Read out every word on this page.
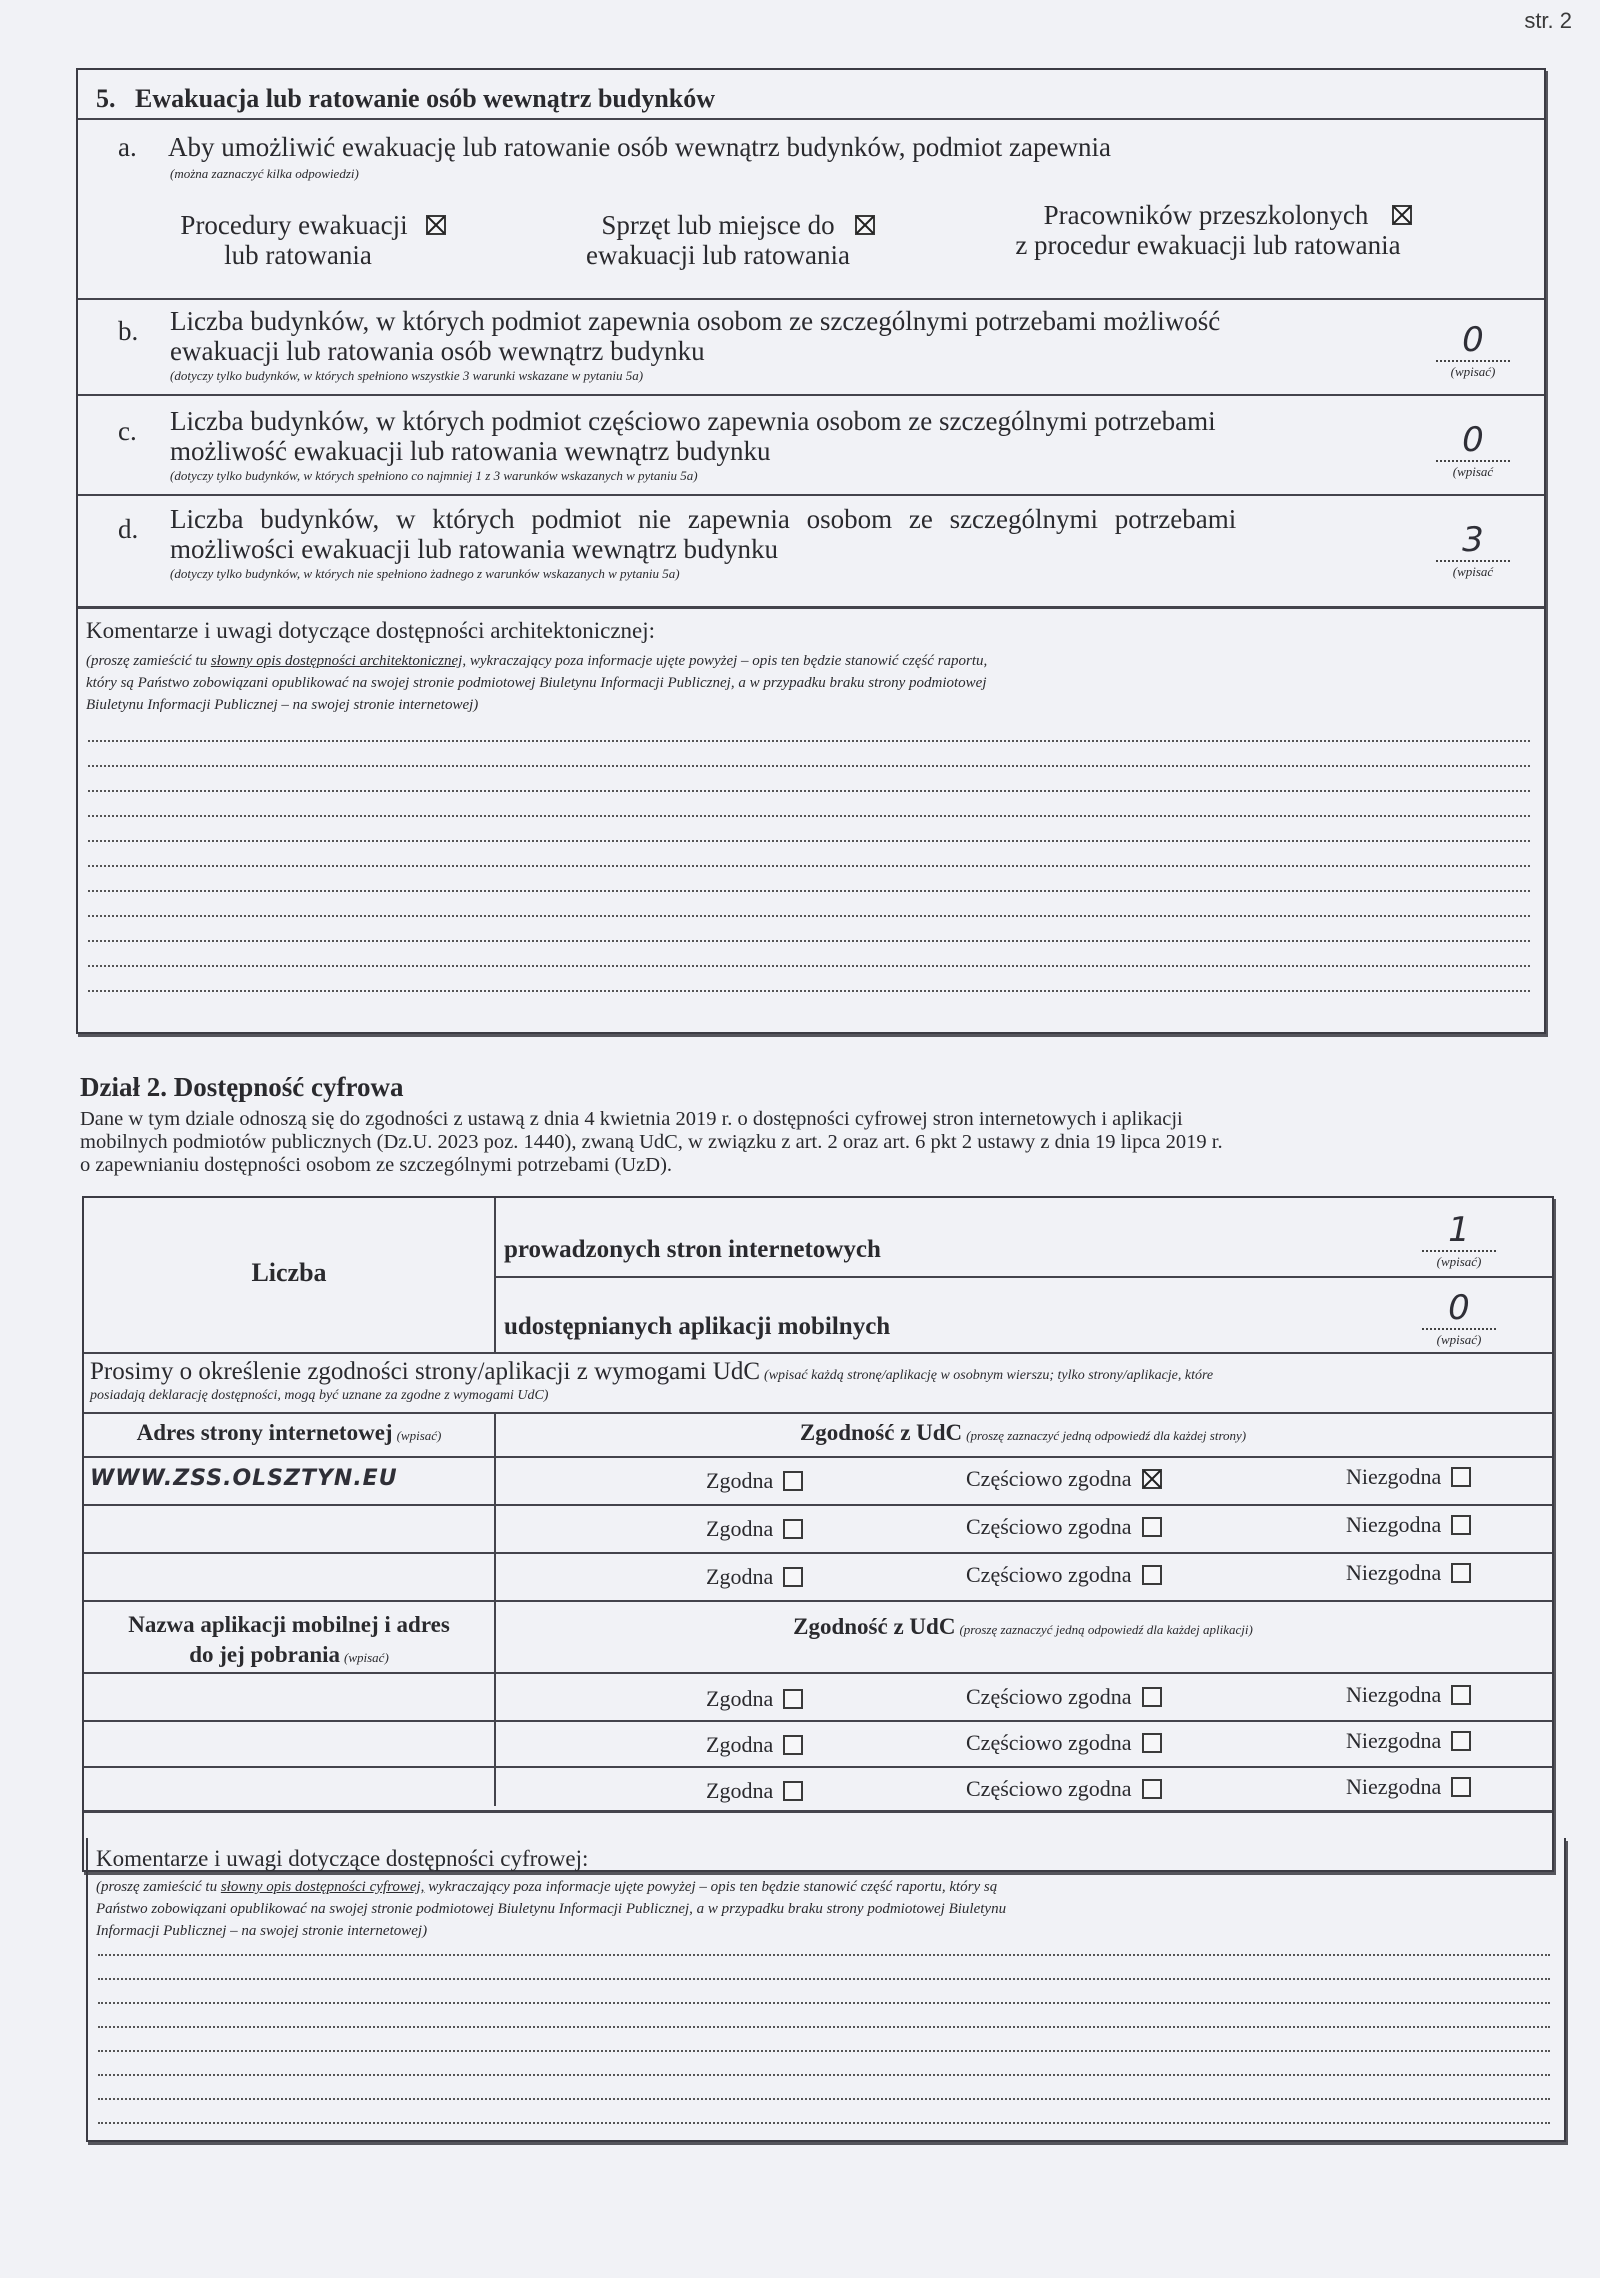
str. 2
5.   Ewakuacja lub ratowanie osób wewnątrz budynków
a. Aby umożliwić ewakuację lub ratowanie osób wewnątrz budynków, podmiot zapewnia
(można zaznaczyć kilka odpowiedzi)
Procedury ewakuacji
lub ratowania
Sprzęt lub miejsce do
ewakuacji lub ratowania
Pracowników przeszkolonych
z procedur ewakuacji lub ratowania
b. Liczba budynków, w których podmiot zapewnia osobom ze szczególnymi potrzebami możliwość
ewakuacji lub ratowania osób wewnątrz budynku
(dotyczy tylko budynków, w których spełniono wszystkie 3 warunki wskazane w pytaniu 5a)
0
(wpisać)
c. Liczba budynków, w których podmiot częściowo zapewnia osobom ze szczególnymi potrzebami
możliwość ewakuacji lub ratowania wewnątrz budynku
(dotyczy tylko budynków, w których spełniono co najmniej 1 z 3 warunków wskazanych w pytaniu 5a)
0
(wpisać
d. Liczba budynków, w których podmiot nie zapewnia osobom ze szczególnymi potrzebami
możliwości ewakuacji lub ratowania wewnątrz budynku
(dotyczy tylko budynków, w których nie spełniono żadnego z warunków wskazanych w pytaniu 5a)
3
(wpisać
Komentarze i uwagi dotyczące dostępności architektonicznej:
(proszę zamieścić tu słowny opis dostępności architektonicznej, wykraczający poza informacje ujęte powyżej – opis ten będzie stanowić część raportu,
który są Państwo zobowiązani opublikować na swojej stronie podmiotowej Biuletynu Informacji Publicznej, a w przypadku braku strony podmiotowej
Biuletynu Informacji Publicznej – na swojej stronie internetowej)
Dział 2. Dostępność cyfrowa
Dane w tym dziale odnoszą się do zgodności z ustawą z dnia 4 kwietnia 2019 r. o dostępności cyfrowej stron internetowych i aplikacji
mobilnych podmiotów publicznych (Dz.U. 2023 poz. 1440), zwaną UdC, w związku z art. 2 oraz art. 6 pkt 2 ustawy z dnia 19 lipca 2019 r.
o zapewnianiu dostępności osobom ze szczególnymi potrzebami (UzD).
Liczba
prowadzonych stron internetowych	1
(wpisać)
udostępnianych aplikacji mobilnych	0
(wpisać)
Prosimy o określenie zgodności strony/aplikacji z wymogami UdC (wpisać każdą stronę/aplikację w osobnym wierszu; tylko strony/aplikacje, które
posiadają deklarację dostępności, mogą być uznane za zgodne z wymogami UdC)
Adres strony internetowej (wpisać)	Zgodność z UdC (proszę zaznaczyć jedną odpowiedź dla każdej strony)
WWW.ZSS.OLSZTYN.EU	Zgodna	Częściowo zgodna	Niezgodna
Zgodna	Częściowo zgodna	Niezgodna
Zgodna	Częściowo zgodna	Niezgodna
Nazwa aplikacji mobilnej i adres
do jej pobrania (wpisać)
Zgodność z UdC (proszę zaznaczyć jedną odpowiedź dla każdej aplikacji)
Zgodna	Częściowo zgodna	Niezgodna
Zgodna	Częściowo zgodna	Niezgodna
Zgodna	Częściowo zgodna	Niezgodna
Komentarze i uwagi dotyczące dostępności cyfrowej:
(proszę zamieścić tu słowny opis dostępności cyfrowej, wykraczający poza informacje ujęte powyżej – opis ten będzie stanowić część raportu, który są
Państwo zobowiązani opublikować na swojej stronie podmiotowej Biuletynu Informacji Publicznej, a w przypadku braku strony podmiotowej Biuletynu
Informacji Publicznej – na swojej stronie internetowej)
